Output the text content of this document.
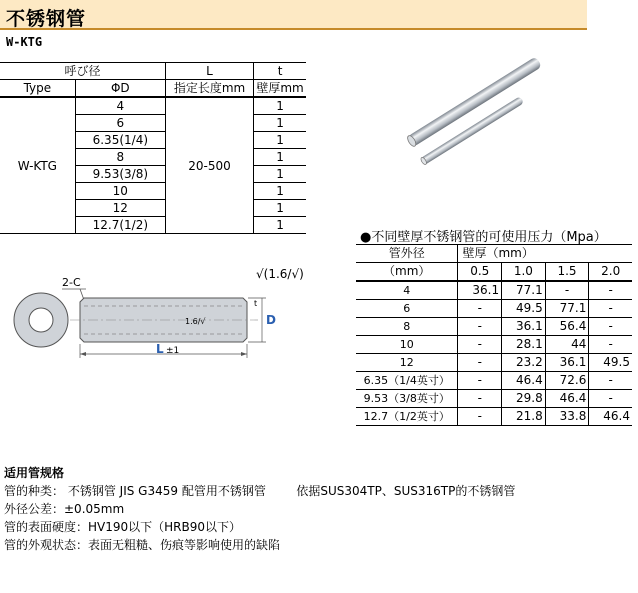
不锈钢管
W-KTG
呼び径		L	t
Type	ΦD	指定长度mm	壁厚mm
W-KTG	4	20-500	1
	6		1
	6.35(1/4)		1
	8		1
	9.53(3/8)		1
	10		1
	12		1
	12.7(1/2)		1
2-C
1.6/√
√(1.6/√)
D
t
L ±1
●不同壁厚不锈钢管的可使用压力（Mpa）
管外径	壁厚（mm）			
（mm）	0.5	1.0	1.5	2.0
4	36.1	77.1	-	-
6	-	49.5	77.1	-
8	-	36.1	56.4	-
10	-	28.1	44	-
12	-	23.2	36.1	49.5
6.35（1/4英寸）	-	46.4	72.6	-
9.53（3/8英寸）	-	29.8	46.4	-
12.7（1/2英寸）	-	21.8	33.8	46.4
适用管规格
管的种类： 不锈钢管 JIS G3459 配管用不锈钢管	依据SUS304TP、SUS316TP的不锈钢管
外径公差：±0.05mm
管的表面硬度：HV190以下（HRB90以下）
管的外观状态：表面无粗糙、伤痕等影响使用的缺陷
